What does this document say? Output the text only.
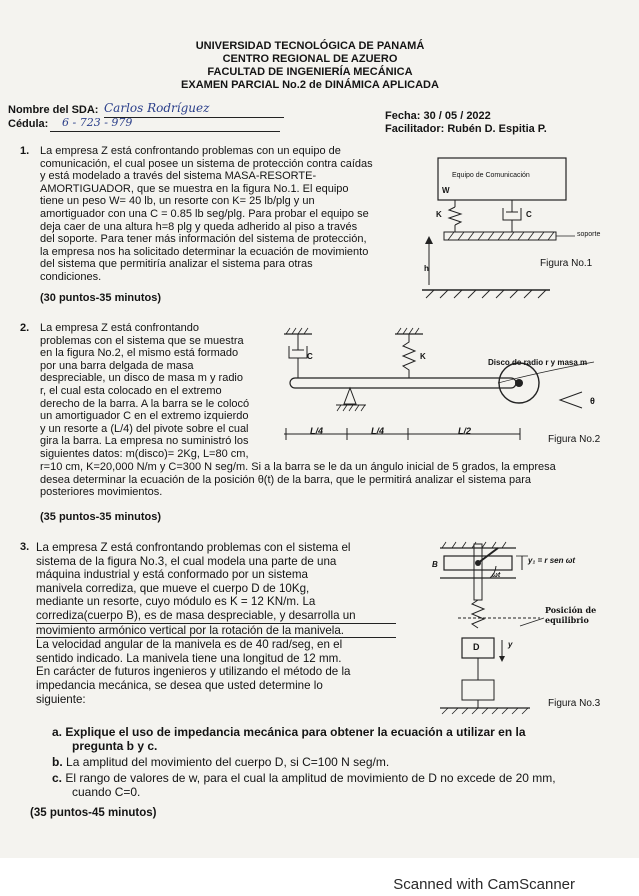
UNIVERSIDAD TECNOLÓGICA DE PANAMÁ
CENTRO REGIONAL DE AZUERO
FACULTAD DE INGENIERÍA MECÁNICA
EXAMEN PARCIAL No.2 de DINÁMICA APLICADA
Nombre del SDA: Carlos Rodríguez
Cédula: 6 - 723 - 979	Fecha: 30 / 05 / 2022
Facilitador: Rubén D. Espitia P.
1. La empresa Z está confrontando problemas con un equipo de
comunicación, el cual posee un sistema de protección contra caídas
y está modelado a través del sistema MASA-RESORTE-
AMORTIGUADOR, que se muestra en la figura No.1. El equipo
tiene un peso W= 40 lb, un resorte con K= 25 lb/plg y un
amortiguador con una C = 0.85 lb seg/plg. Para probar el equipo se
deja caer de una altura h=8 plg y queda adherido al piso a través
del soporte. Para tener más información del sistema de protección,
la empresa nos ha solicitado determinar la ecuación de movimiento
del sistema que permitiría analizar el sistema para otras
condiciones.
(30 puntos-35 minutos)
Equipo de Comunicación
W
K	C
soporte
h	Figura No.1
2. La empresa Z está confrontando
problemas con el sistema que se muestra
en la figura No.2, el mismo está formado
por una barra delgada de masa
despreciable, un disco de masa m y radio
r, el cual esta colocado en el extremo
derecho de la barra. A la barra se le colocó
un amortiguador C en el extremo izquierdo
y un resorte a (L/4) del pivote sobre el cual
gira la barra. La empresa no suministró los
siguientes datos: m(disco)= 2Kg, L=80 cm,
r=10 cm, K=20,000 N/m y C=300 N seg/m. Si a la barra se le da un ángulo inicial de 5 grados, la empresa
desea determinar la ecuación de la posición θ(t) de la barra, que le permitirá analizar el sistema para
posteriores movimientos.
(35 puntos-35 minutos)
C	K
Disco de radio r y masa m
θ
L/4	L/4	L/2
Figura No.2
3. La empresa Z está confrontando problemas con el sistema el
sistema de la figura No.3, el cual modela una parte de una
máquina industrial y está conformado por un sistema
manivela corrediza, que mueve el cuerpo D de 10Kg,
mediante un resorte, cuyo módulo es K = 12 KN/m. La
corrediza(cuerpo B), es de masa despreciable, y desarrolla un
movimiento armónico vertical por la rotación de la manivela.
La velocidad angular de la manivela es de 40 rad/seg, en el
sentido indicado. La manivela tiene una longitud de 12 mm.
En carácter de futuros ingenieros y utilizando el método de la
impedancia mecánica, se desea que usted determine lo
siguiente:
a. Explique el uso de impedancia mecánica para obtener la ecuación a utilizar en la
pregunta b y c.
b. La amplitud del movimiento del cuerpo D, si C=100 N seg/m.
c. El rango de valores de w, para el cual la amplitud de movimiento de D no excede de 20 mm,
cuando C=0.
(35 puntos-45 minutos)
B	y₁ = r sen ωt
ωt
Posición de
equilibrio
y
D
Figura No.3
Scanned with CamScanner
